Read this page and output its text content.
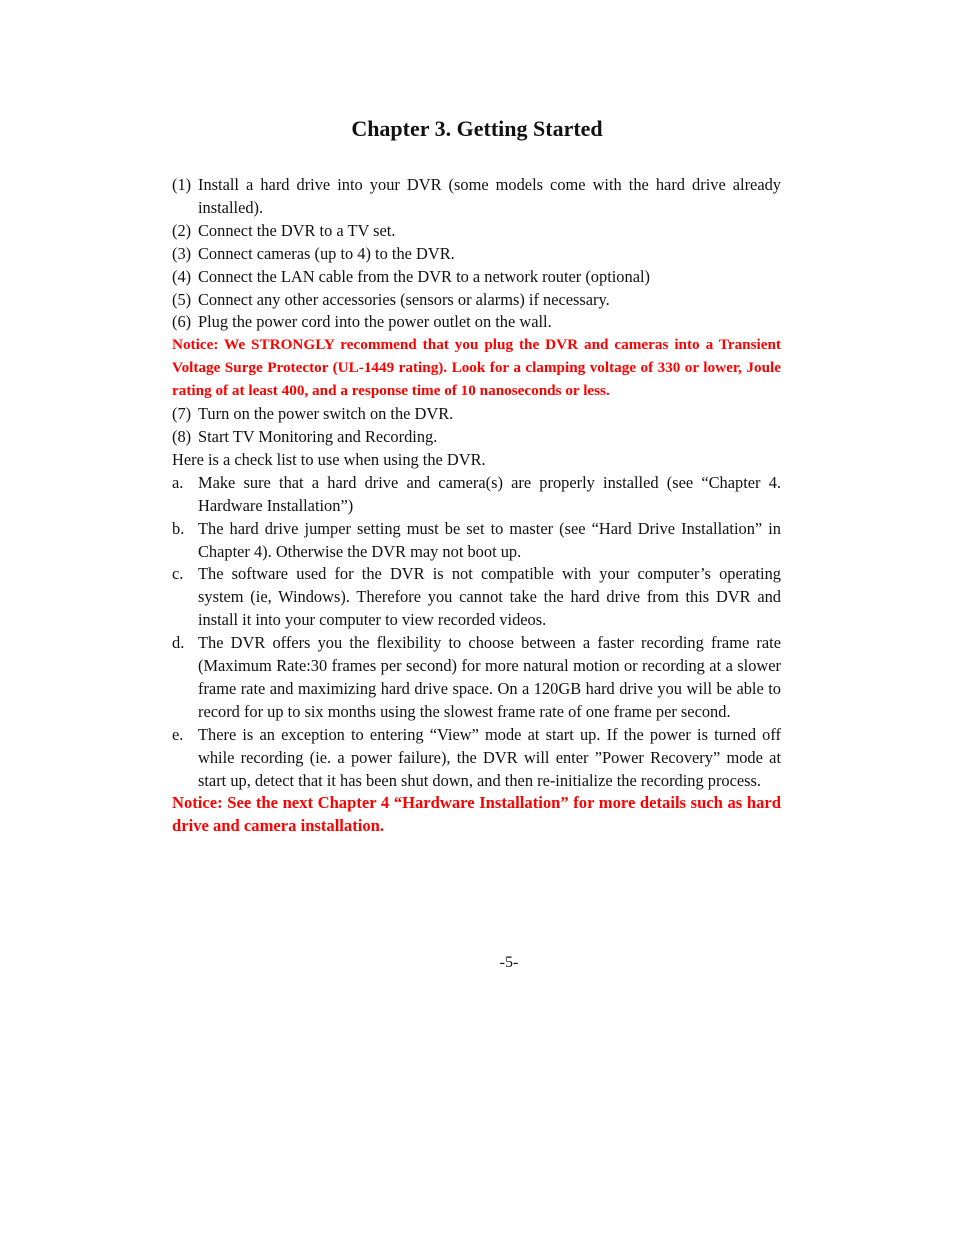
Chapter 3. Getting Started
(1) Install a hard drive into your DVR (some models come with the hard drive already installed).
(2) Connect the DVR to a TV set.
(3) Connect cameras (up to 4) to the DVR.
(4) Connect the LAN cable from the DVR to a network router (optional)
(5) Connect any other accessories (sensors or alarms) if necessary.
(6) Plug the power cord into the power outlet on the wall.
Notice: We STRONGLY recommend that you plug the DVR and cameras into a Transient Voltage Surge Protector (UL-1449 rating). Look for a clamping voltage of 330 or lower, Joule rating of at least 400, and a response time of 10 nanoseconds or less.
(7) Turn on the power switch on the DVR.
(8) Start TV Monitoring and Recording.
Here is a check list to use when using the DVR.
a. Make sure that a hard drive and camera(s) are properly installed (see “Chapter 4. Hardware Installation”)
b. The hard drive jumper setting must be set to master (see “Hard Drive Installation” in Chapter 4). Otherwise the DVR may not boot up.
c. The software used for the DVR is not compatible with your computer’s operating system (ie, Windows). Therefore you cannot take the hard drive from this DVR and install it into your computer to view recorded videos.
d. The DVR offers you the flexibility to choose between a faster recording frame rate (Maximum Rate:30 frames per second) for more natural motion or recording at a slower frame rate and maximizing hard drive space. On a 120GB hard drive you will be able to record for up to six months using the slowest frame rate of one frame per second.
e. There is an exception to entering “View” mode at start up. If the power is turned off while recording (ie. a power failure), the DVR will enter ”Power Recovery” mode at start up, detect that it has been shut down, and then re-initialize the recording process.
Notice: See the next Chapter 4 “Hardware Installation” for more details such as hard drive and camera installation.
-5-
